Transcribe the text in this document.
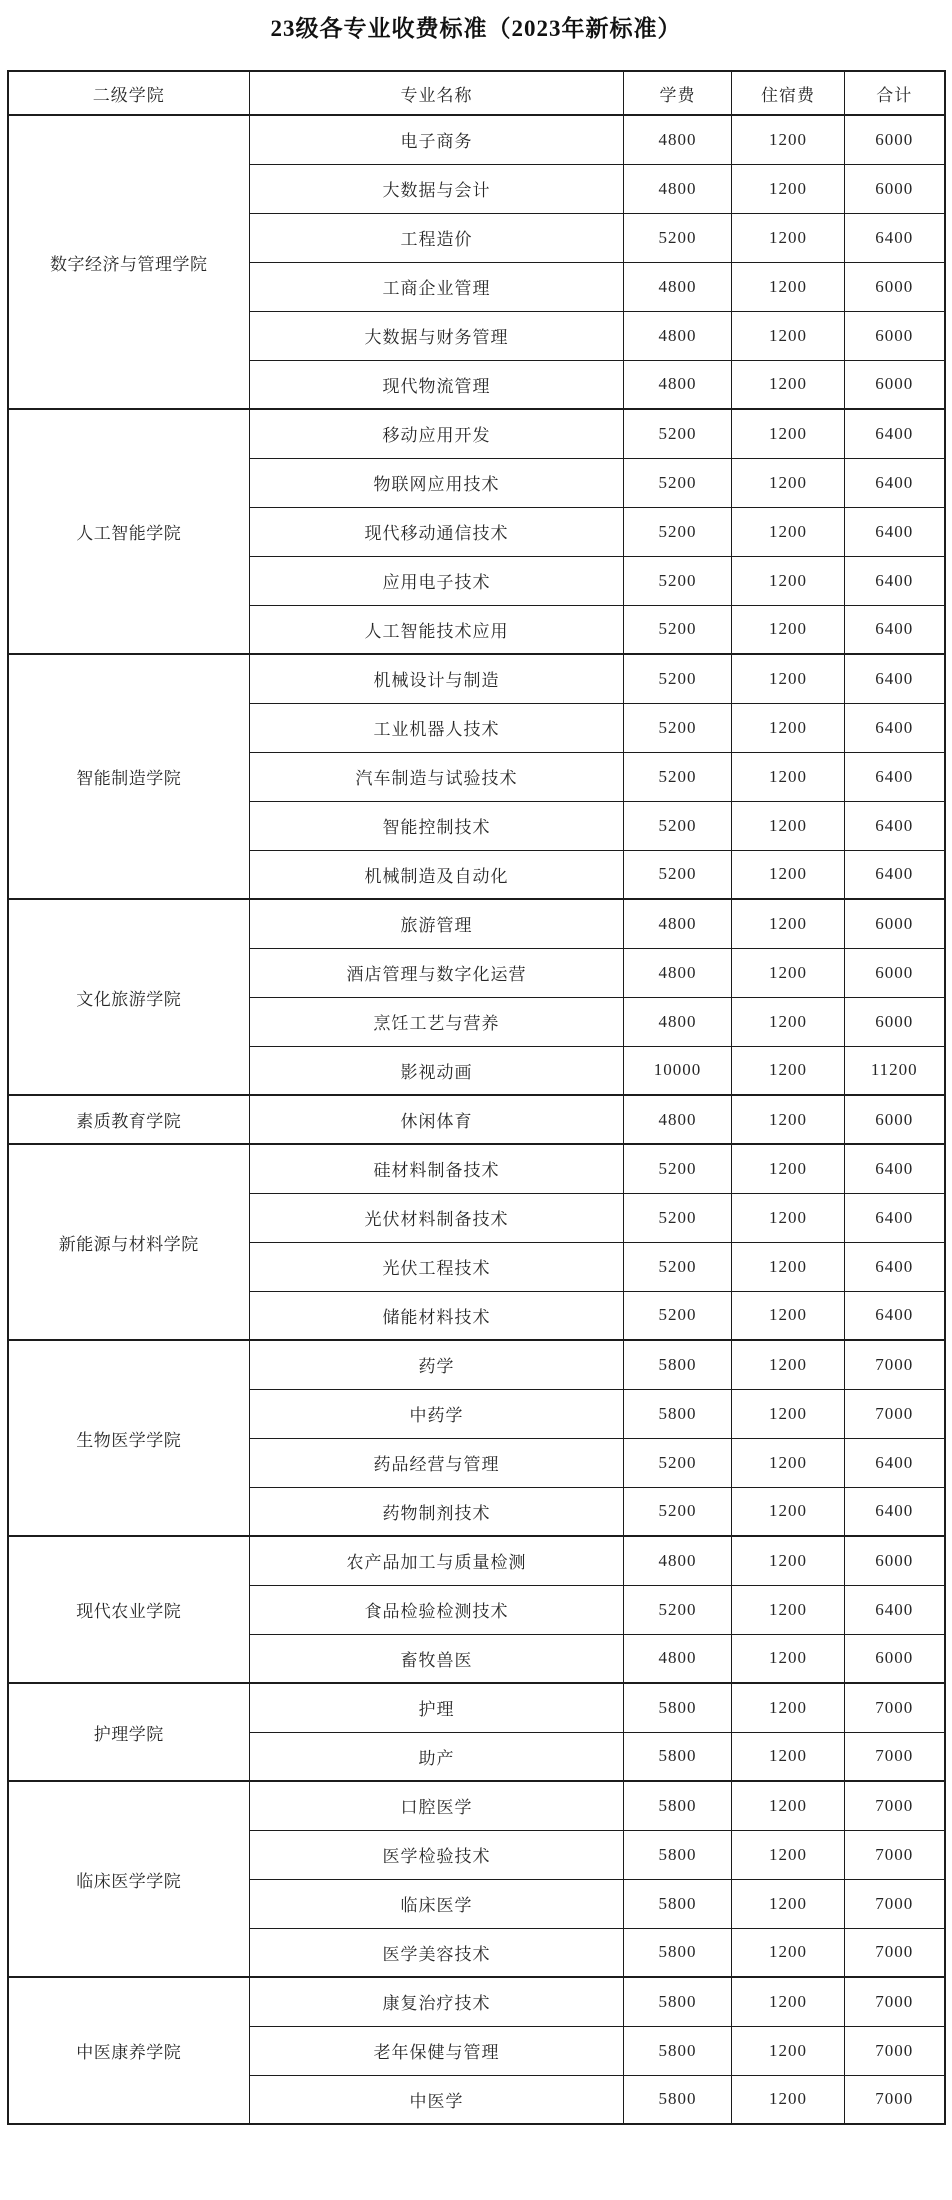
23级各专业收费标准（2023年新标准）
二级学院	专业名称	学费	住宿费	合计
数字经济与管理学院	电子商务	4800	1200	6000
	大数据与会计	4800	1200	6000
	工程造价	5200	1200	6400
	工商企业管理	4800	1200	6000
	大数据与财务管理	4800	1200	6000
	现代物流管理	4800	1200	6000
人工智能学院	移动应用开发	5200	1200	6400
	物联网应用技术	5200	1200	6400
	现代移动通信技术	5200	1200	6400
	应用电子技术	5200	1200	6400
	人工智能技术应用	5200	1200	6400
智能制造学院	机械设计与制造	5200	1200	6400
	工业机器人技术	5200	1200	6400
	汽车制造与试验技术	5200	1200	6400
	智能控制技术	5200	1200	6400
	机械制造及自动化	5200	1200	6400
文化旅游学院	旅游管理	4800	1200	6000
	酒店管理与数字化运营	4800	1200	6000
	烹饪工艺与营养	4800	1200	6000
	影视动画	10000	1200	11200
素质教育学院	休闲体育	4800	1200	6000
新能源与材料学院	硅材料制备技术	5200	1200	6400
	光伏材料制备技术	5200	1200	6400
	光伏工程技术	5200	1200	6400
	储能材料技术	5200	1200	6400
生物医学学院	药学	5800	1200	7000
	中药学	5800	1200	7000
	药品经营与管理	5200	1200	6400
	药物制剂技术	5200	1200	6400
现代农业学院	农产品加工与质量检测	4800	1200	6000
	食品检验检测技术	5200	1200	6400
	畜牧兽医	4800	1200	6000
护理学院	护理	5800	1200	7000
	助产	5800	1200	7000
临床医学学院	口腔医学	5800	1200	7000
	医学检验技术	5800	1200	7000
	临床医学	5800	1200	7000
	医学美容技术	5800	1200	7000
中医康养学院	康复治疗技术	5800	1200	7000
	老年保健与管理	5800	1200	7000
	中医学	5800	1200	7000
